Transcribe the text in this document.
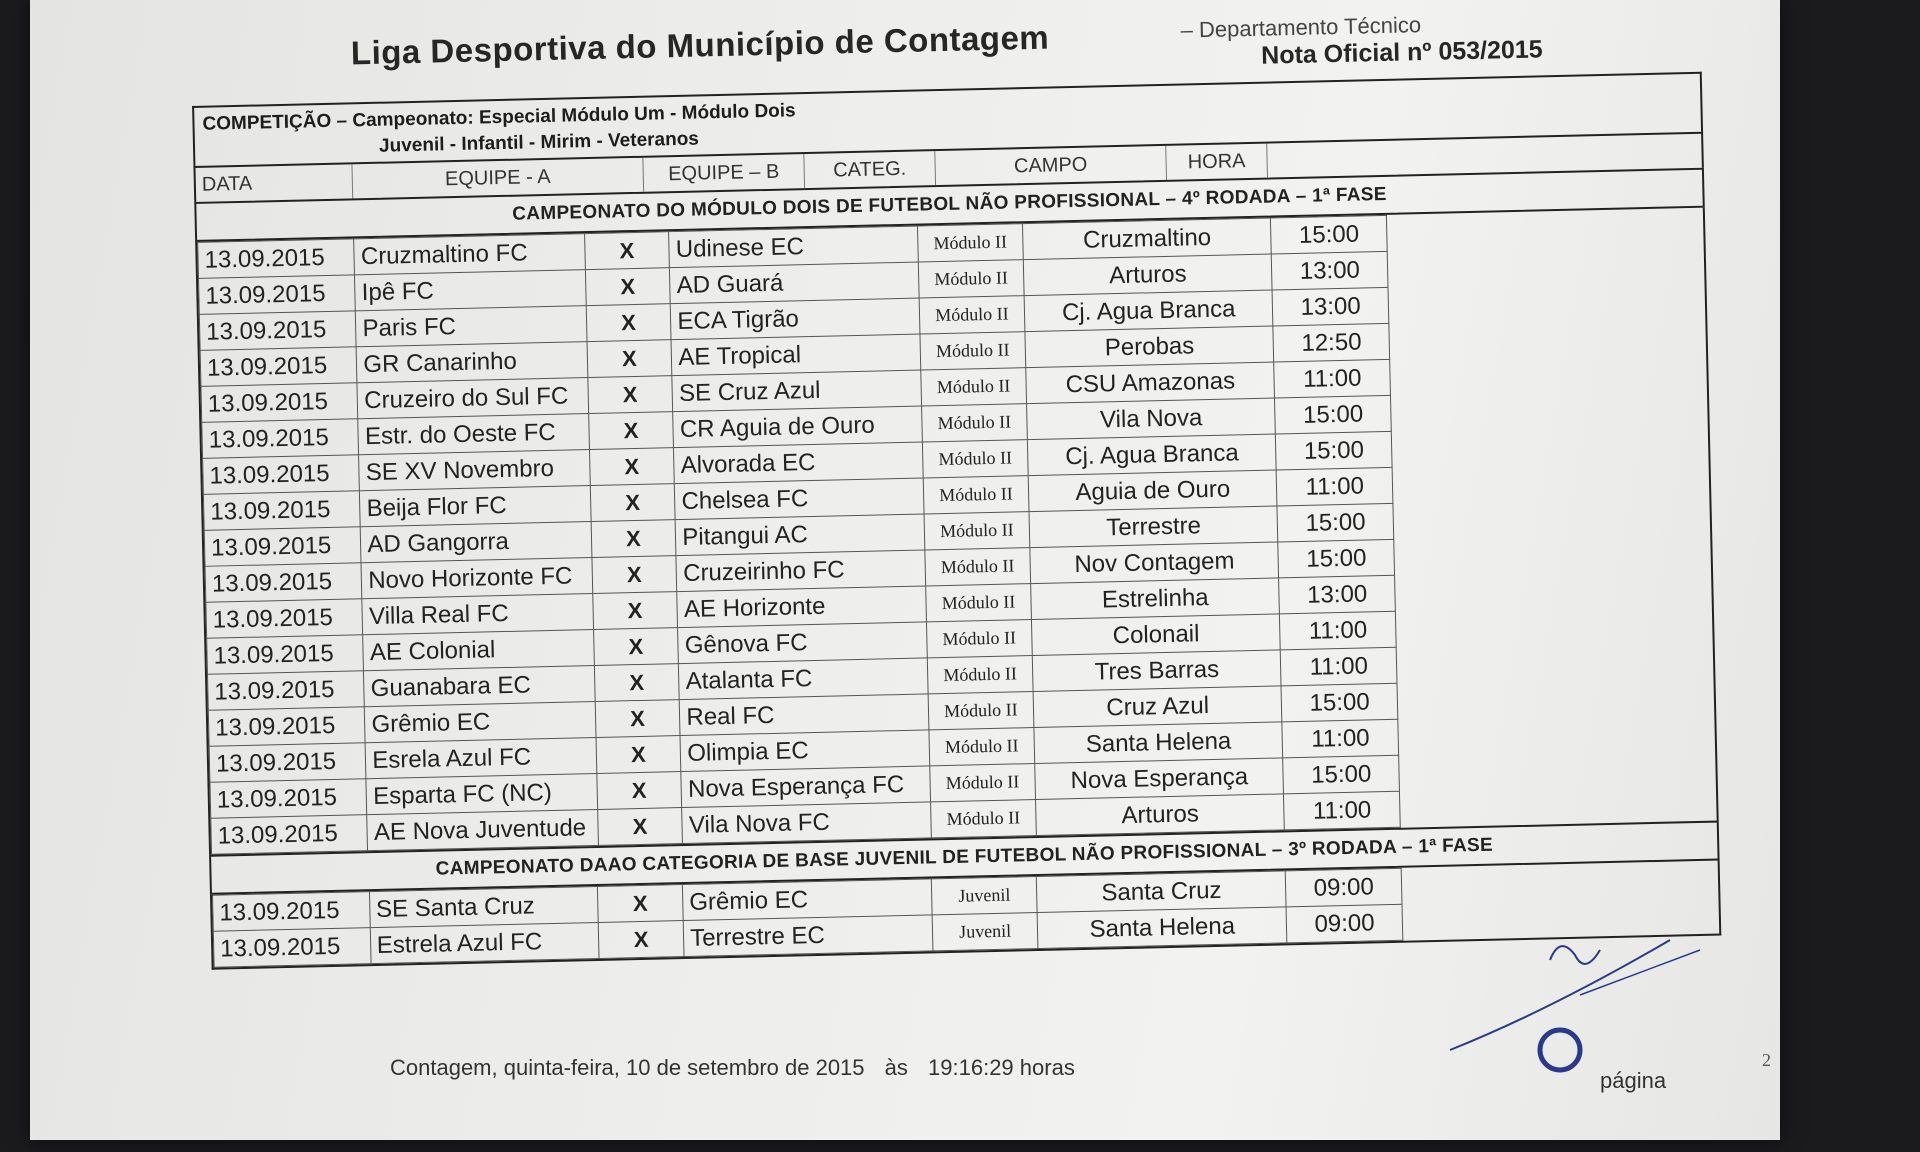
Liga Desportiva do Município de Contagem	– Departamento Técnico
Nota Oficial nº 053/2015
COMPETIÇÃO – Campeonato: Especial Módulo Um - Módulo Dois
Juvenil - Infantil - Mirim - Veteranos
DATA	EQUIPE - A	EQUIPE – B	CATEG.	CAMPO	HORA
CAMPEONATO DO MÓDULO DOIS DE FUTEBOL NÃO PROFISSIONAL – 4º RODADA – 1ª FASE
13.09.2015	Cruzmaltino FC	X	Udinese EC	Módulo II	Cruzmaltino	15:00
13.09.2015	Ipê FC	X	AD Guará	Módulo II	Arturos	13:00
13.09.2015	Paris FC	X	ECA Tigrão	Módulo II	Cj. Agua Branca	13:00
13.09.2015	GR Canarinho	X	AE Tropical	Módulo II	Perobas	12:50
13.09.2015	Cruzeiro do Sul FC	X	SE Cruz Azul	Módulo II	CSU Amazonas	11:00
13.09.2015	Estr. do Oeste FC	X	CR Aguia de Ouro	Módulo II	Vila Nova	15:00
13.09.2015	SE XV Novembro	X	Alvorada EC	Módulo II	Cj. Agua Branca	15:00
13.09.2015	Beija Flor FC	X	Chelsea FC	Módulo II	Aguia de Ouro	11:00
13.09.2015	AD Gangorra	X	Pitangui AC	Módulo II	Terrestre	15:00
13.09.2015	Novo Horizonte FC	X	Cruzeirinho FC	Módulo II	Nov Contagem	15:00
13.09.2015	Villa Real FC	X	AE Horizonte	Módulo II	Estrelinha	13:00
13.09.2015	AE Colonial	X	Gênova FC	Módulo II	Colonail	11:00
13.09.2015	Guanabara EC	X	Atalanta FC	Módulo II	Tres Barras	11:00
13.09.2015	Grêmio EC	X	Real FC	Módulo II	Cruz Azul	15:00
13.09.2015	Esrela Azul FC	X	Olimpia EC	Módulo II	Santa Helena	11:00
13.09.2015	Esparta FC (NC)	X	Nova Esperança FC	Módulo II	Nova Esperança	15:00
13.09.2015	AE Nova Juventude	X	Vila Nova FC	Módulo II	Arturos	11:00
CAMPEONATO DAAO CATEGORIA DE BASE JUVENIL DE FUTEBOL NÃO PROFISSIONAL – 3º RODADA – 1ª FASE
13.09.2015	SE Santa Cruz	X	Grêmio EC	Juvenil	Santa Cruz	09:00
13.09.2015	Estrela Azul FC	X	Terrestre EC	Juvenil	Santa Helena	09:00
Contagem, quinta-feira, 10 de setembro de 2015 às 19:16:29 horas
página
2
